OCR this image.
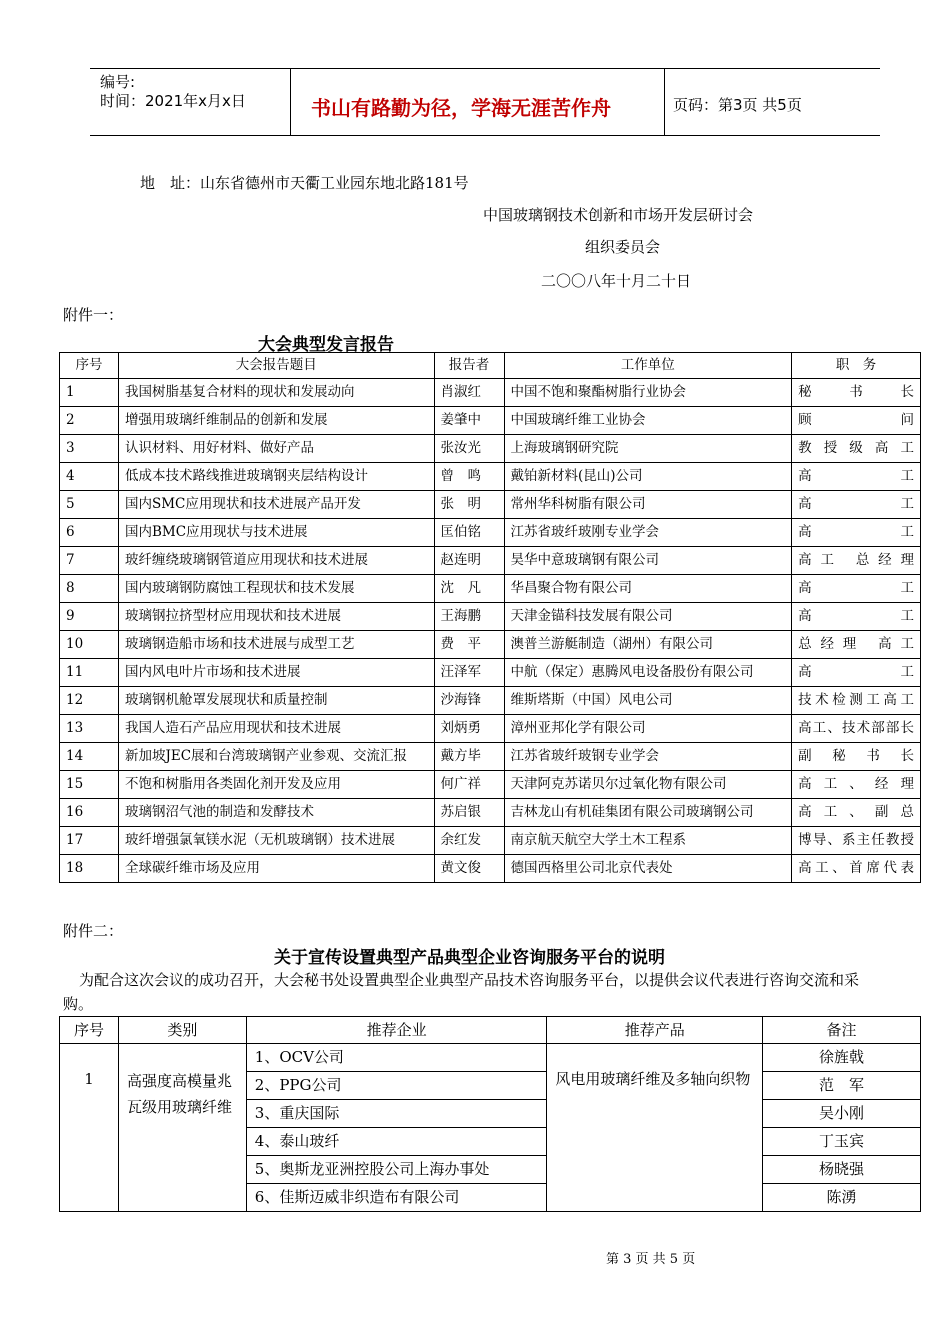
编号:
时间：2021年x月x日	书山有路勤为径，学海无涯苦作舟	页码：第3页 共5页
地　址：山东省德州市天衢工业园东地北路181号
中国玻璃钢技术创新和市场开发层研讨会
组织委员会
二〇〇八年十月二十日
附件一：
大会典型发言报告
序号	大会报告题目	报告者	工作单位	职　务
1	我国树脂基复合材料的现状和发展动向	肖淑红	中国不饱和聚酯树脂行业协会	秘书长
2	增强用玻璃纤维制品的创新和发展	姜肇中	中国玻璃纤维工业协会	顾问
3	认识材料、用好材料、做好产品	张汝光	上海玻璃钢研究院	教授级高工
4	低成本技术路线推进玻璃钢夹层结构设计	曾　鸣	戴铂新材料(昆山)公司	高工
5	国内SMC应用现状和技术进展产品开发	张　明	常州华科树脂有限公司	高工
6	国内BMC应用现状与技术进展	匡伯铭	江苏省玻纤玻刚专业学会	高工
7	玻纤缠绕玻璃钢管道应用现状和技术进展	赵连明	昊华中意玻璃钢有限公司	高工 总经理
8	国内玻璃钢防腐蚀工程现状和技术发展	沈　凡	华昌聚合物有限公司	高工
9	玻璃钢拉挤型材应用现状和技术进展	王海鹏	天津金锚科技发展有限公司	高工
10	玻璃钢造船市场和技术进展与成型工艺	费　平	澳普兰游艇制造（湖州）有限公司	总经理 高工
11	国内风电叶片市场和技术进展	汪泽军	中航（保定）惠腾风电设备股份有限公司	高　工
12	玻璃钢机舱罩发展现状和质量控制	沙海锋	维斯塔斯（中国）风电公司	技术检测工高工
13	我国人造石产品应用现状和技术进展	刘炳勇	漳州亚邦化学有限公司	高工、技术部部长
14	新加坡JEC展和台湾玻璃钢产业参观、交流汇报	戴方毕	江苏省玻纤玻钢专业学会	副秘书长
15	不饱和树脂用各类固化剂开发及应用	何广祥	天津阿克苏诺贝尔过氧化物有限公司	高工、经理
16	玻璃钢沼气池的制造和发酵技术	苏启银	吉林龙山有机硅集团有限公司玻璃钢公司	高工、副总
17	玻纤增强氯氧镁水泥（无机玻璃钢）技术进展	余红发	南京航天航空大学土木工程系	博导、系主任教授
18	全球碳纤维市场及应用	黄文俊	德国西格里公司北京代表处	高工、首席代表
附件二：
关于宣传设置典型产品典型企业咨询服务平台的说明
为配合这次会议的成功召开，大会秘书处设置典型企业典型产品技术咨询服务平台，以提供会议代表进行咨询交流和采购。
序号	类别	推荐企业	推荐产品	备注
1	高强度高模量兆瓦级用玻璃纤维	1、OCV公司	风电用玻璃纤维及多轴向织物	徐旌戟
		2、PPG公司		范　军
		3、重庆国际		吴小刚
		4、泰山玻纤		丁玉宾
		5、奥斯龙亚洲控股公司上海办事处		杨晓强
		6、佳斯迈威非织造布有限公司		陈湧
第 3 页 共 5 页
